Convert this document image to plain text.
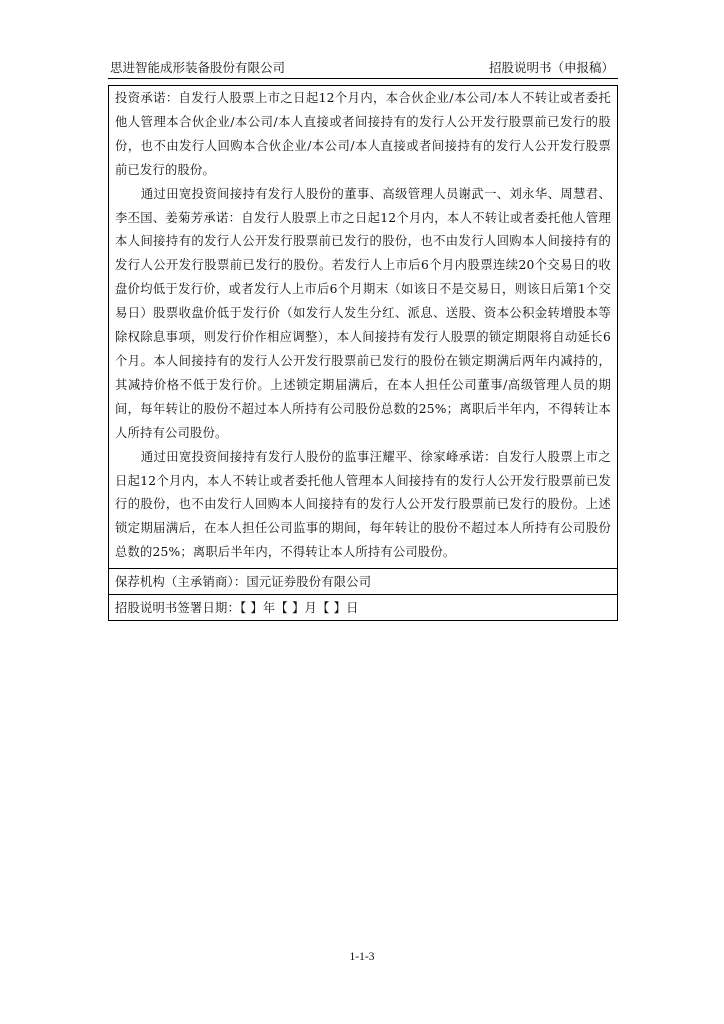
思进智能成形装备股份有限公司	招股说明书（申报稿）

投资承诺：自发行人股票上市之日起12个月内，本合伙企业/本公司/本人不转让或者委托他人管理本合伙企业/本公司/本人直接或者间接持有的发行人公开发行股票前已发行的股份，也不由发行人回购本合伙企业/本公司/本人直接或者间接持有的发行人公开发行股票前已发行的股份。

通过田宽投资间接持有发行人股份的董事、高级管理人员谢武一、刘永华、周慧君、李丕国、姜菊芳承诺：自发行人股票上市之日起12个月内，本人不转让或者委托他人管理本人间接持有的发行人公开发行股票前已发行的股份，也不由发行人回购本人间接持有的发行人公开发行股票前已发行的股份。若发行人上市后6个月内股票连续20个交易日的收盘价均低于发行价，或者发行人上市后6个月期末（如该日不是交易日，则该日后第1个交易日）股票收盘价低于发行价（如发行人发生分红、派息、送股、资本公积金转增股本等除权除息事项，则发行价作相应调整），本人间接持有发行人股票的锁定期限将自动延长6个月。本人间接持有的发行人公开发行股票前已发行的股份在锁定期满后两年内减持的，其减持价格不低于发行价。上述锁定期届满后，在本人担任公司董事/高级管理人员的期间，每年转让的股份不超过本人所持有公司股份总数的25%；离职后半年内，不得转让本人所持有公司股份。

通过田宽投资间接持有发行人股份的监事汪耀平、徐家峰承诺：自发行人股票上市之日起12个月内，本人不转让或者委托他人管理本人间接持有的发行人公开发行股票前已发行的股份，也不由发行人回购本人间接持有的发行人公开发行股票前已发行的股份。上述锁定期届满后，在本人担任公司监事的期间，每年转让的股份不超过本人所持有公司股份总数的25%；离职后半年内，不得转让本人所持有公司股份。

保荐机构（主承销商）：国元证券股份有限公司
招股说明书签署日期：【 】年【 】月【 】日
1-1-3
